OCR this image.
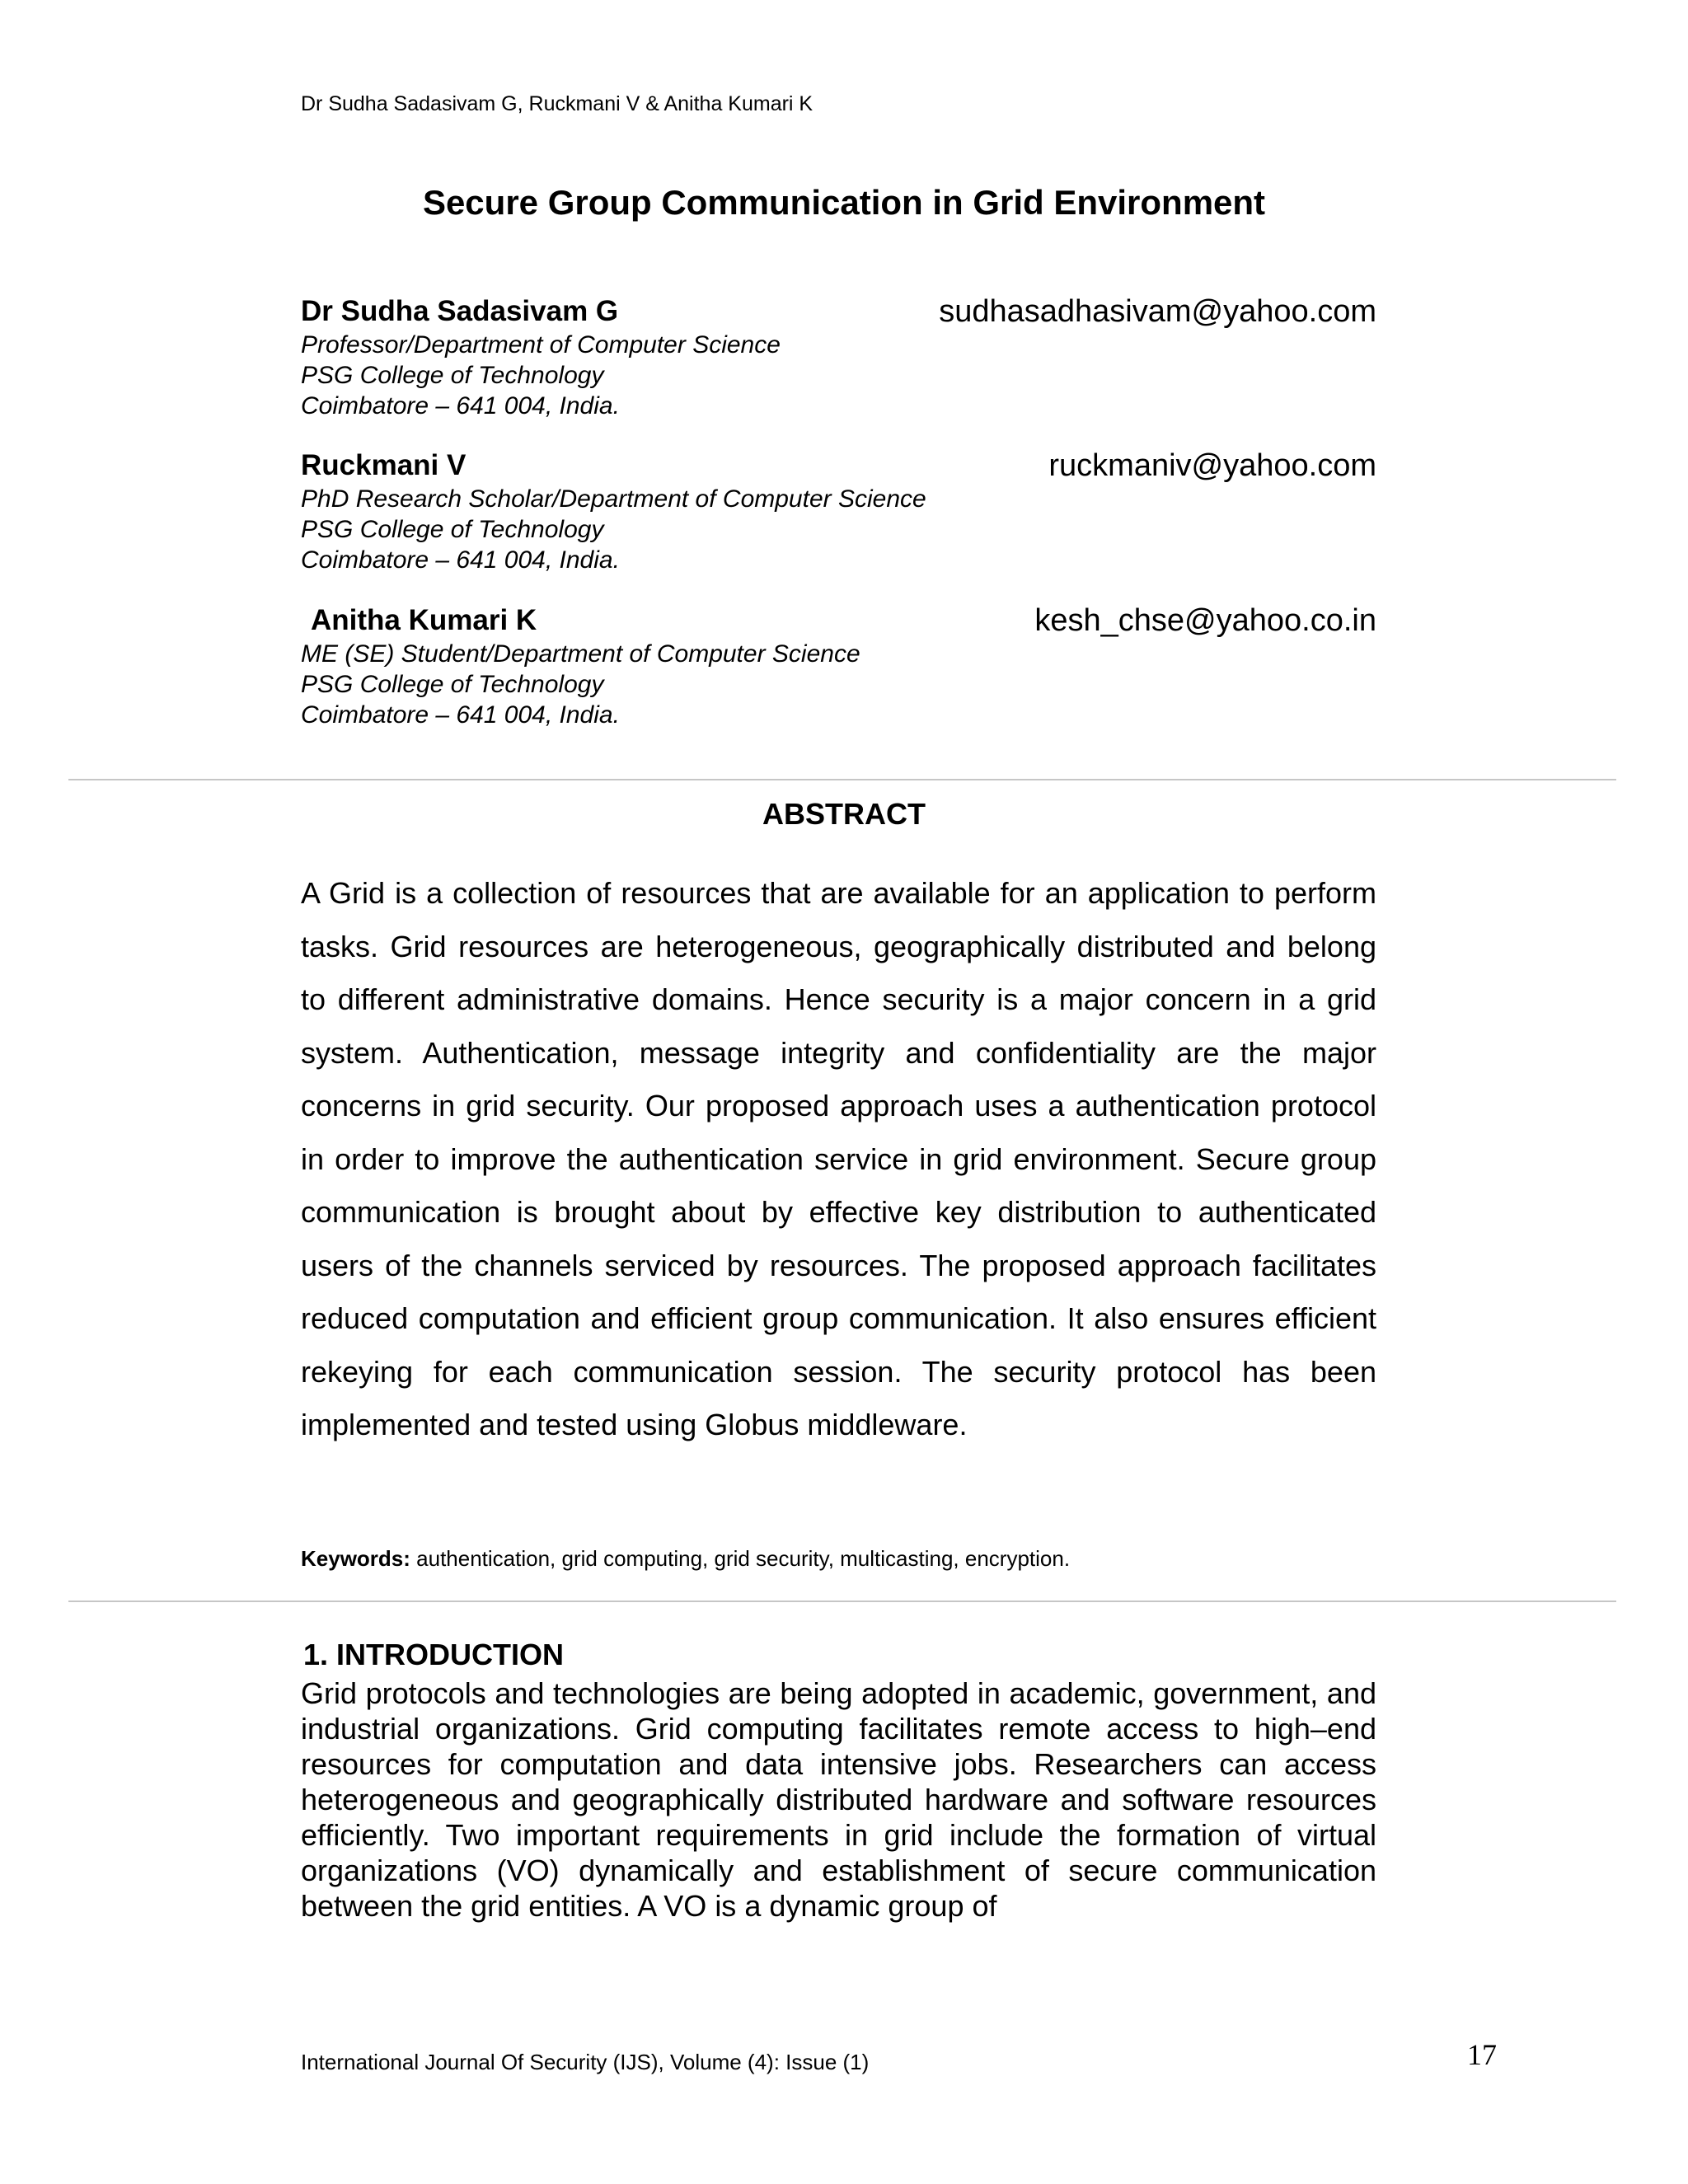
Dr Sudha Sadasivam G, Ruckmani V & Anitha Kumari K
Secure Group Communication in Grid Environment
Dr Sudha Sadasivam G	sudhasadhasivam@yahoo.com
Professor/Department of Computer Science
PSG College of Technology
Coimbatore – 641 004, India.
Ruckmani V	ruckmaniv@yahoo.com
PhD Research Scholar/Department of Computer Science
PSG College of Technology
Coimbatore – 641 004, India.
Anitha Kumari K	kesh_chse@yahoo.co.in
ME (SE) Student/Department of Computer Science
PSG College of Technology
Coimbatore – 641 004, India.
ABSTRACT
A Grid is a collection of resources that are available for an application to perform tasks. Grid resources are heterogeneous, geographically distributed and belong to different administrative domains. Hence security is a major concern in a grid system. Authentication, message integrity and confidentiality are the major concerns in grid security. Our proposed approach uses a authentication protocol in order to improve the authentication service in grid environment. Secure group communication is brought about by effective key distribution to authenticated users of the channels serviced by resources. The proposed approach facilitates reduced computation and efficient group communication. It also ensures efficient rekeying for each communication session. The security protocol has been implemented and tested using Globus middleware.
Keywords: authentication, grid computing, grid security, multicasting, encryption.
1. INTRODUCTION
Grid protocols and technologies are being adopted in academic, government, and industrial organizations. Grid computing facilitates remote access to high–end resources for computation and data intensive jobs. Researchers can access heterogeneous and geographically distributed hardware and software resources efficiently. Two important requirements in grid include the formation of virtual organizations (VO) dynamically and establishment of secure communication between the grid entities. A VO is a dynamic group of
International Journal Of Security (IJS), Volume (4): Issue (1)	17
